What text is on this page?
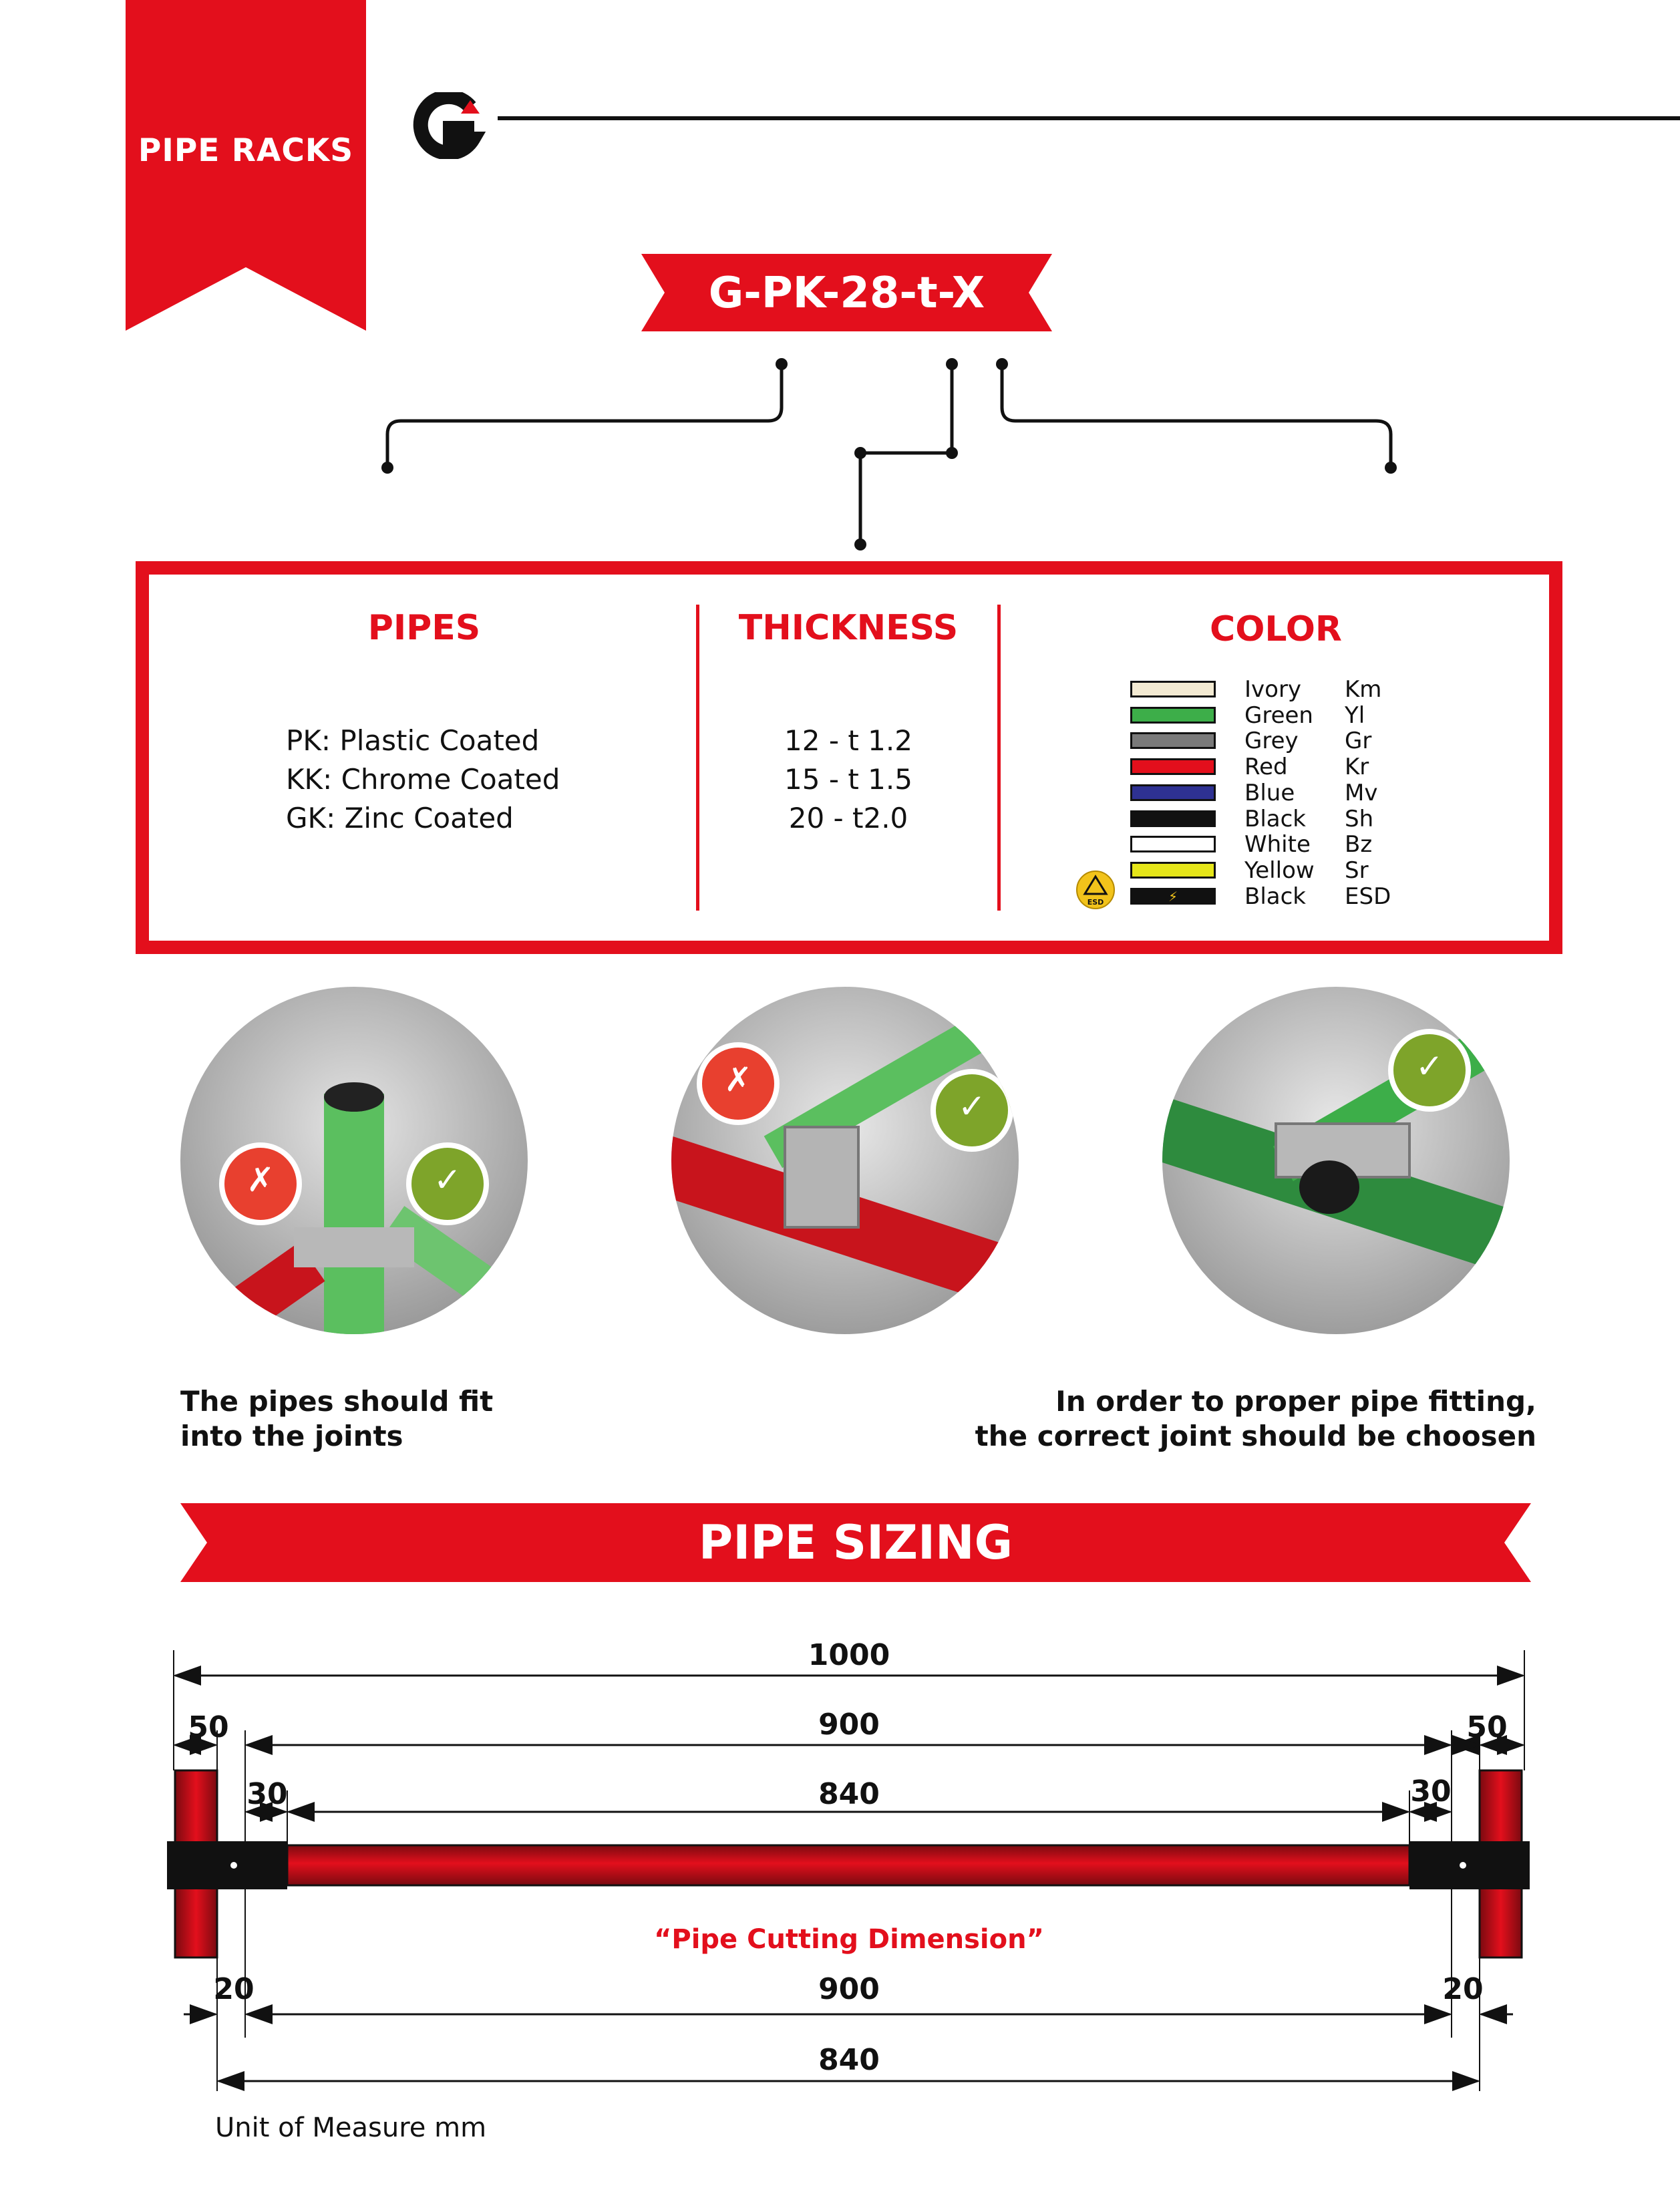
PIPE RACKS
G-PK-28-t-X
PIPES
PK: Plastic Coated
KK: Chrome Coated
GK: Zinc Coated
THICKNESS
12 - t 1.2
15 - t 1.5
20 - t2.0
COLOR
Ivory Km
Green Yl
Grey Gr
Red	Kr
Blue Mv
Black Sh
White Bz
Yellow Sr
⚡	Black ESD
ESD
✗	✓
✗
✓
✓
The pipes should fit
into the joints
In order to proper pipe fitting,
the correct joint should be choosen
PIPE SIZING
1000
50	900	50
30	840	30
“Pipe Cutting Dimension”
20	900	20
840
Unit of Measure mm
